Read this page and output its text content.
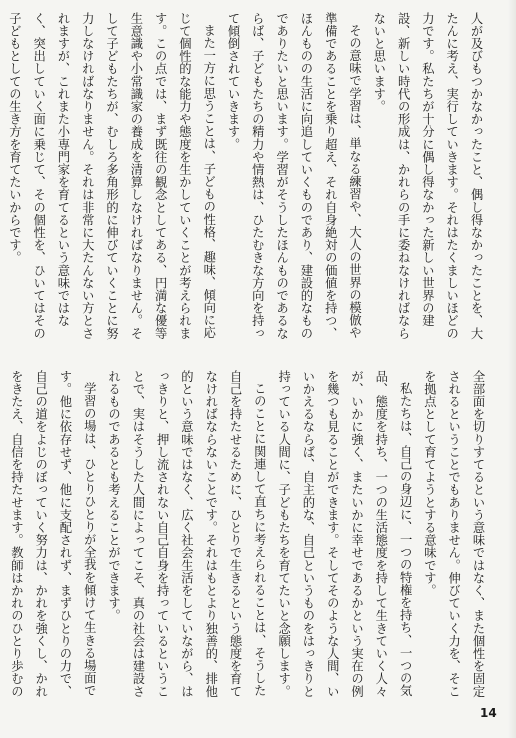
人が及びもつかなかったこと、偶し得なかったことを、大たんに考え、実行していきます。それはたくましいほどの力です。私たちが十分に偶し得なかった新しい世界の建設、新しい時代の形成は、かれらの手に委ねなければならないと思います。

その意味で学習は、単なる練習や、大人の世界の模倣や準備であることを乗り超え、それ自身絶対の価値を持つ、ほんものの生活に向追していくものであり、建設的なものでありたいと思います。学習がそうしたほんものであるならば、子どもたちの精力や情熱は、ひたむきな方向を持って傾倒されていきます。

また一方に思うことは、子どもの性格、趣味、傾向に応じて個性的な能力や態度を生かしていくことが考えられます。この点では、まず既往の観念としてある、円満な優等生意識や小常識家の養成を清算しなければなりません。そして子どもたちが、むしろ多角形的に伸びていくことに努力しなければなりません。それは非常に大たんない方とされますが、これまた小専門家を育てるという意味ではなく、突出していく面に乗じて、その個性を、ひいてはその子どもとしての生き方を育てたいからです。

全部面を切りすてるという意味ではなく、また個性を固定されるということでもありません。伸びていく力を、そこを拠点として育てようとする意味です。

私たちは、自己の身辺に、一つの特権を持ち、一つの気品、態度を持ち、一つの生活態度を持して生きていく人々が、いかに強く、またいかに幸せであるかという実在の例を幾つも見ることができます。そしてそのような人間、いいかえるならば、自主的な、自己というものをはっきりと持っている人間に、子どもたちを育てたいと念願します。

このことに関連して直ちに考えられることは、そうした自己を持たせるために、ひとりで生きるという態度を育てなければならないことです。それはもとより独善的、排他的という意味ではなく、広く社会生活をしていながら、はっきりと、押し流されない自己自身を持っているということで、実はそうした人間によってこそ、真の社会は建設されるものであるとも考えることができます。

学習の場は、ひとりひとりが全我を傾けて生きる場面です。他に依存せず、他に支配されず、まずひとりの力で、自己の道をよじのぼっていく努力は、かれを強くし、かれをきたえ、自信を持たせます。教師はかれのひとり歩むの

14
